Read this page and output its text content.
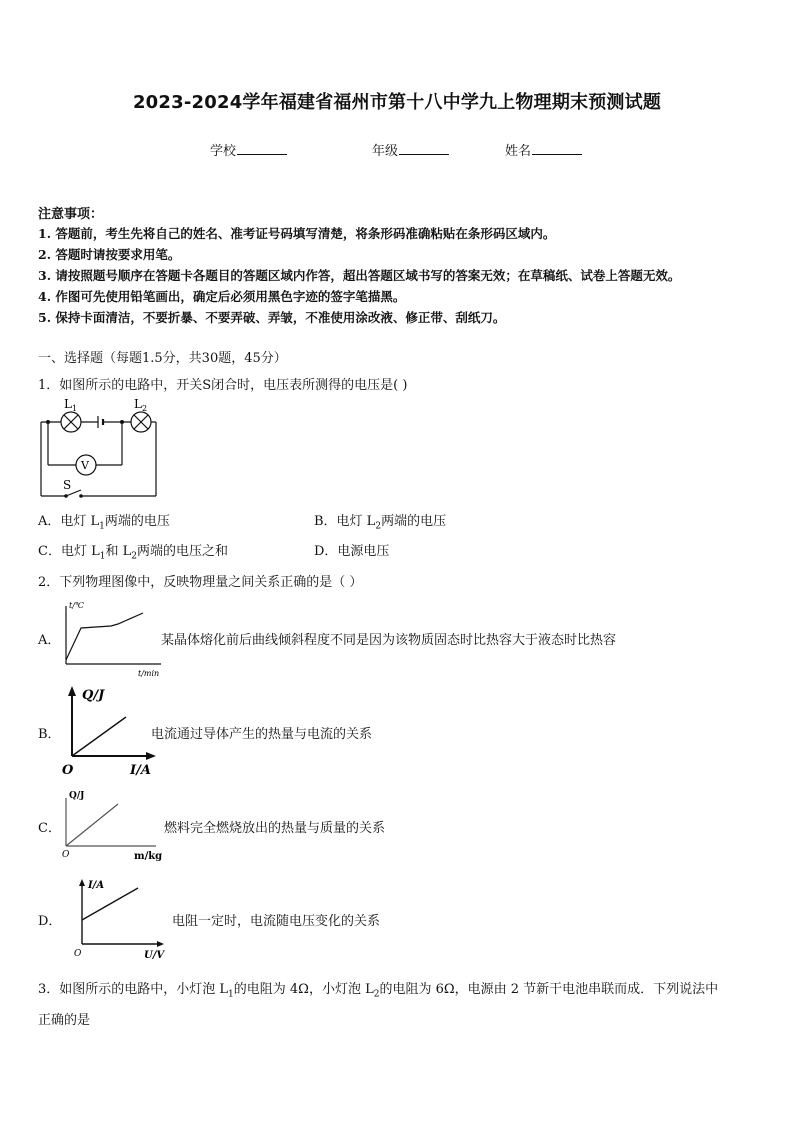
2023-2024学年福建省福州市第十八中学九上物理期末预测试题
学校	年级	姓名
注意事项：
1. 答题前，考生先将自己的姓名、准考证号码填写清楚，将条形码准确粘贴在条形码区域内。
2. 答题时请按要求用笔。
3. 请按照题号顺序在答题卡各题目的答题区域内作答，超出答题区域书写的答案无效；在草稿纸、试卷上答题无效。
4. 作图可先使用铅笔画出，确定后必须用黑色字迹的签字笔描黑。
5. 保持卡面清洁，不要折暴、不要弄破、弄皱，不准使用涂改液、修正带、刮纸刀。
一、选择题（每题1.5分，共30题，45分）
1．如图所示的电路中，开关S闭合时，电压表所测得的电压是( )
$L_1$	$L_2$
V
S
A．电灯 $L_1$两端的电压	B．电灯 $L_2$两端的电压
C．电灯 $L_1$和 $L_2$两端的电压之和	D．电源电压
2．下列物理图像中，反映物理量之间关系正确的是（ ）
A．
t/℃
t/min
某晶体熔化前后曲线倾斜程度不同是因为该物质固态时比热容大于液态时比热容
B．
Q/J
I/A
O
电流通过导体产生的热量与电流的关系
C．
Q/J
m/kg
O
燃料完全燃烧放出的热量与质量的关系
D．
I/A
U/V
O
电阻一定时，电流随电压变化的关系
3．如图所示的电路中，小灯泡 $L_1$的电阻为 4Ω，小灯泡 $L_2$的电阻为 6Ω，电源由 2 节新干电池串联而成．下列说法中
正确的是
